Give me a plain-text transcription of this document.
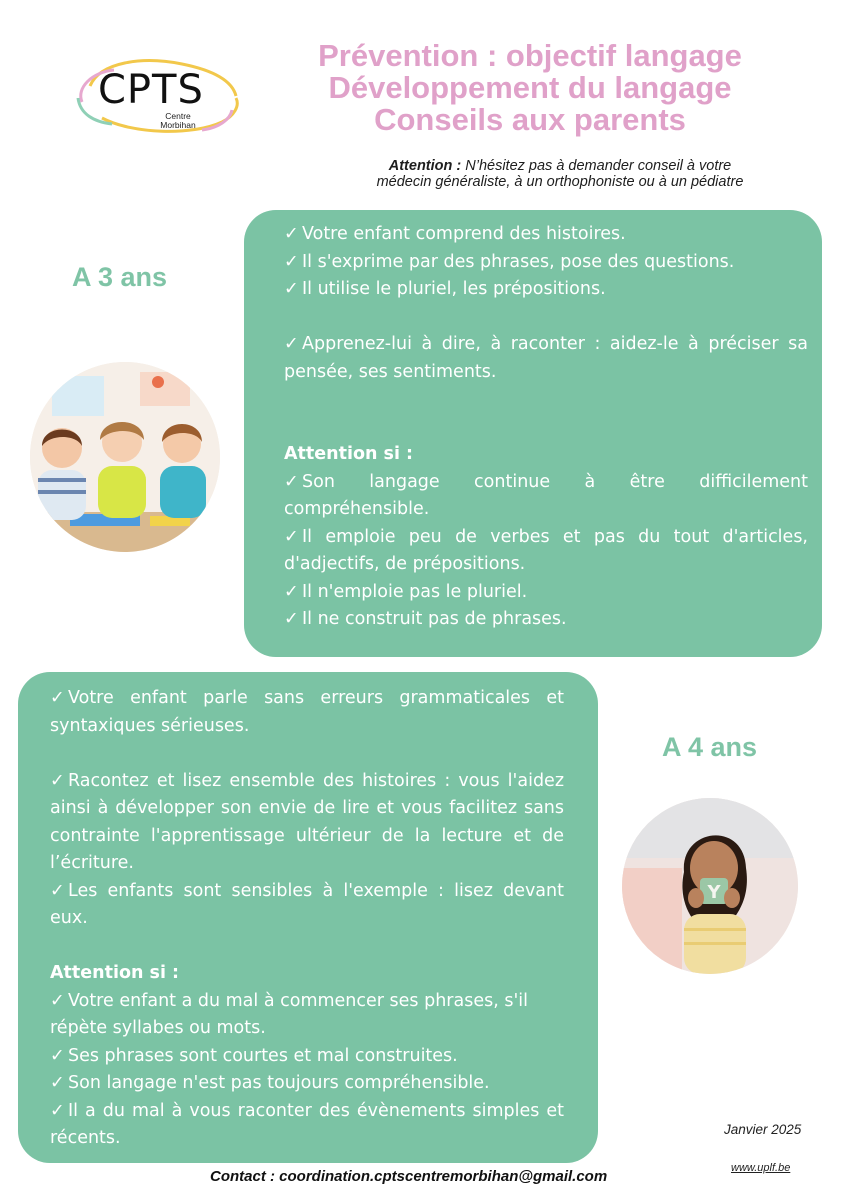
CPTS
Centre
Morbihan
Prévention : objectif langage
Développement du langage
Conseils aux parents
Attention : N’hésitez pas à demander conseil à votre
médecin généraliste, à un orthophoniste ou à un pédiatre
A 3 ans

✓ Votre enfant comprend des histoires.

✓ Il s'exprime par des phrases, pose des questions.

✓ Il utilise le pluriel, les prépositions.

✓ Apprenez-lui à dire, à raconter : aidez-le à préciser sa pensée, ses sentiments.

Attention si :

✓ Son langage continue à être difficilement compréhensible.

✓ Il emploie peu de verbes et pas du tout d'articles, d'adjectifs, de prépositions.

✓ Il n'emploie pas le pluriel.

✓ Il ne construit pas de phrases.

✓ Votre enfant parle sans erreurs grammaticales et syntaxiques sérieuses.

✓ Racontez et lisez ensemble des histoires : vous l'aidez ainsi à développer son envie de lire et vous facilitez sans contrainte l'apprentissage ultérieur de la lecture et de l’écriture.

✓ Les enfants sont sensibles à l'exemple : lisez devant eux.

Attention si :

✓ Votre enfant a du mal à commencer ses phrases, s'il répète syllabes ou mots.

✓ Ses phrases sont courtes et mal construites.

✓ Son langage n'est pas toujours compréhensible.

✓ Il a du mal à vous raconter des évènements simples et récents.

A 4 ans
Y
Janvier 2025
www.uplf.be
Contact : coordination.cptscentremorbihan@gmail.com
